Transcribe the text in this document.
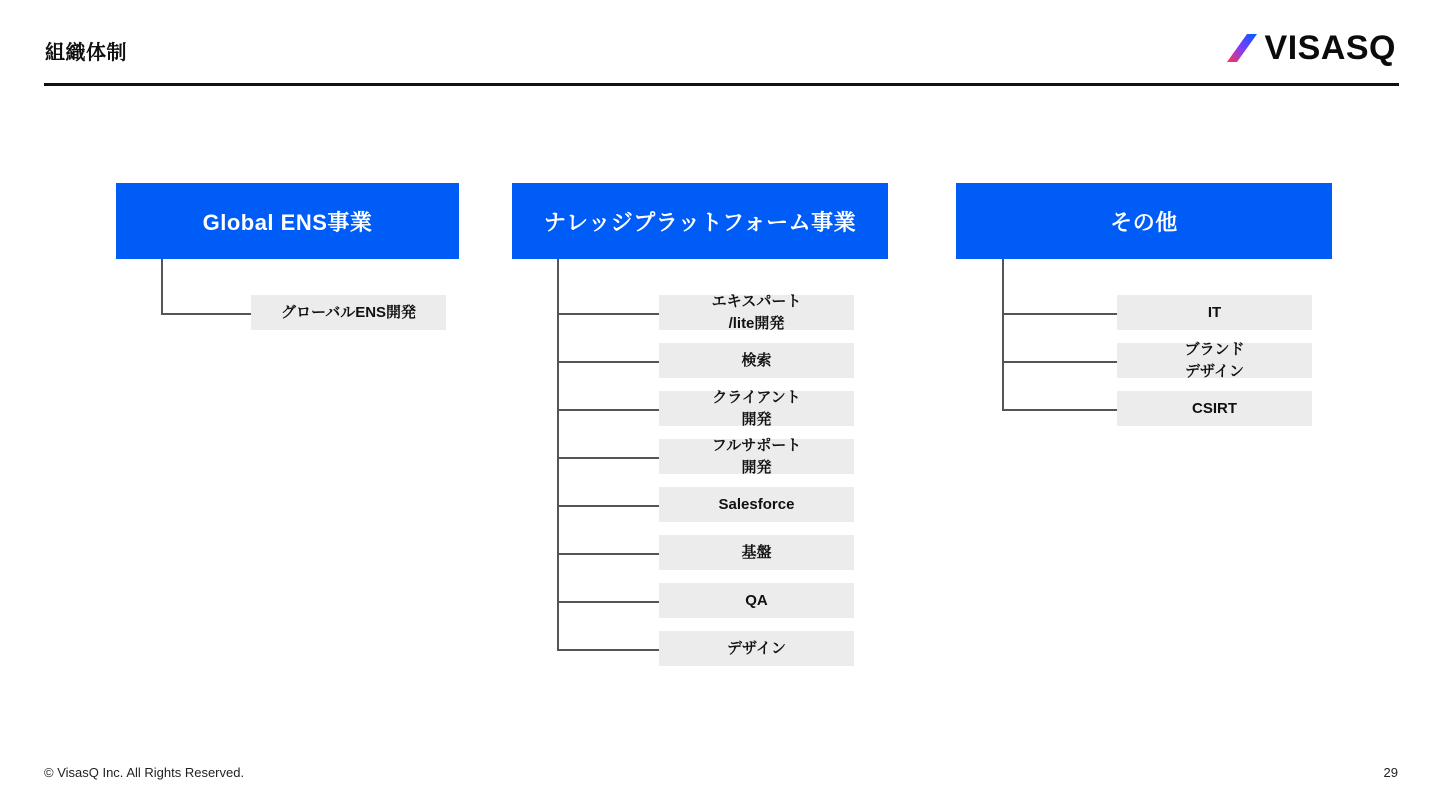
組織体制	VISASQ
Global ENS事業
グローバルENS開発
ナレッジプラットフォーム事業
エキスパート
/lite開発
検索
クライアント
開発
フルサポート
開発
Salesforce
基盤
QA
デザイン
その他
IT
ブランド
デザイン
CSIRT
© VisasQ Inc. All Rights Reserved.	29
